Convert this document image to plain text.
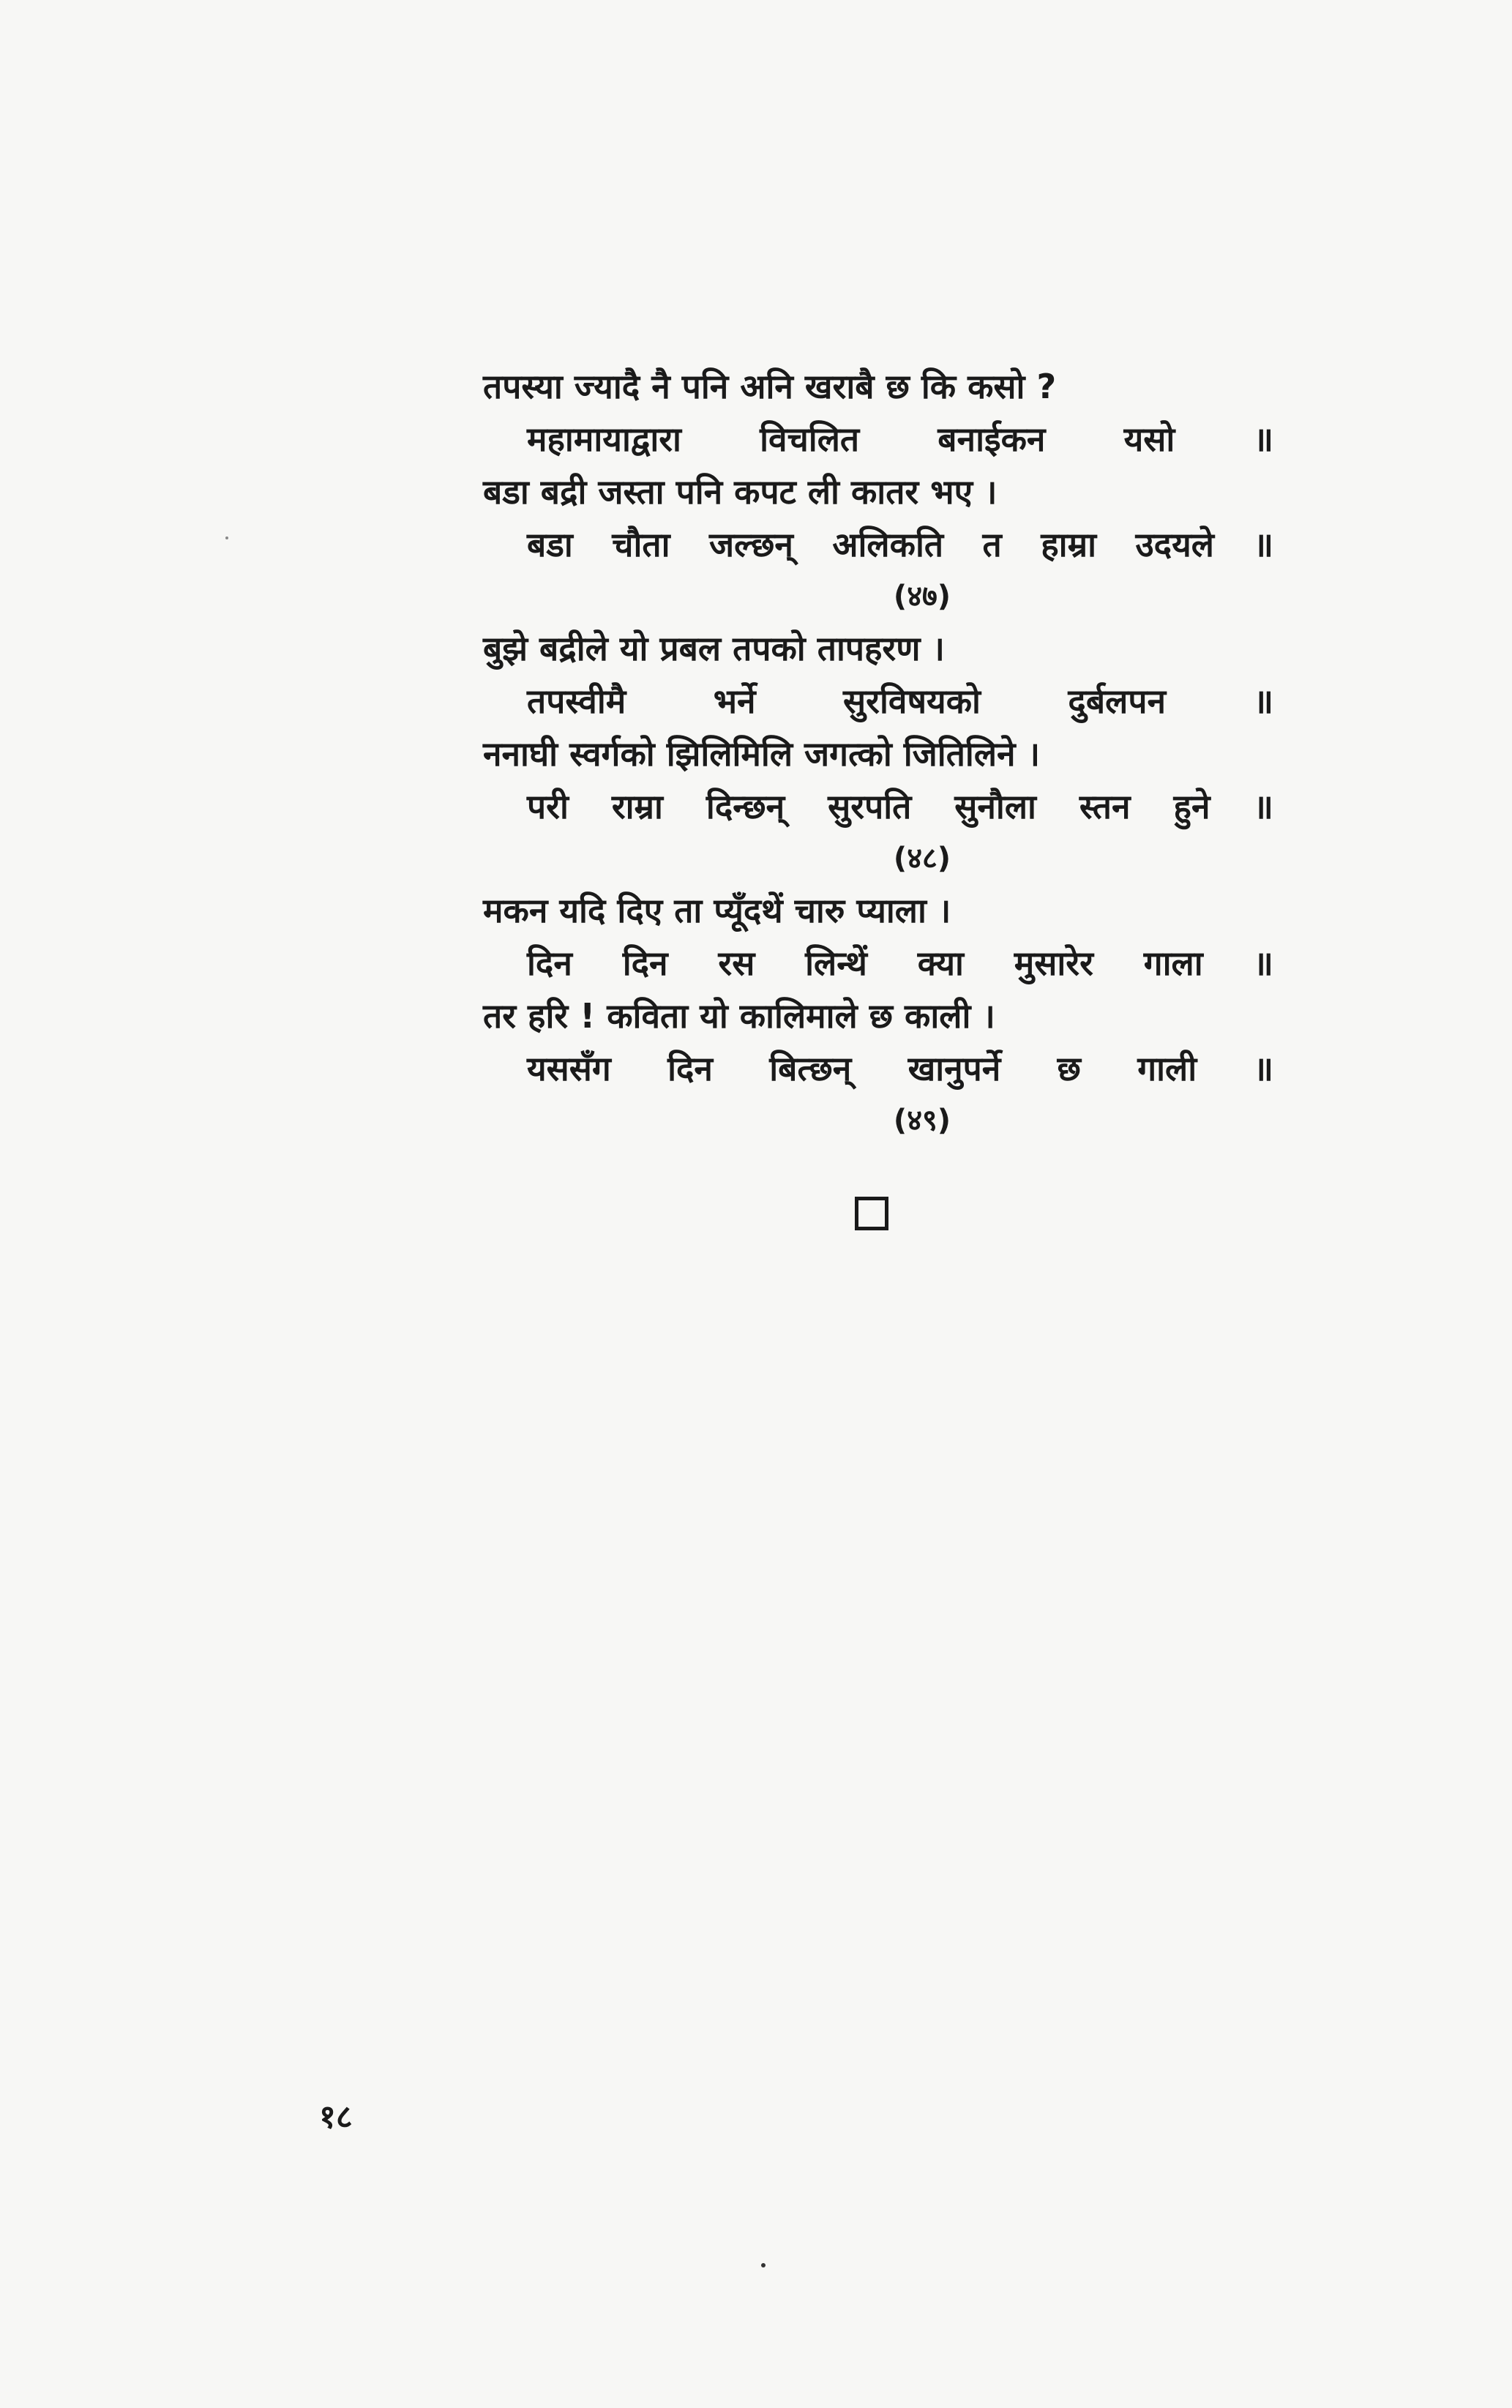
तपस्या ज्यादै नै पनि अनि खराबै छ कि कसो ?
महामायाद्वारा विचलित बनाईकन यसो ॥
बडा बद्री जस्ता पनि कपट ली कातर भए ।
बडा चौता जल्छन् अलिकति त हाम्रा उदयले ॥
(४७)
बुझे बद्रीले यो प्रबल तपको तापहरण ।
तपस्वीमै भर्ने सुरविषयको दुर्बलपन ॥
ननाघी स्वर्गको झिलिमिलि जगत्को जितिलिने ।
परी राम्रा दिन्छन् सुरपति सुनौला स्तन हुने ॥
(४८)
मकन यदि दिए ता प्यूँदथें चारु प्याला ।
दिन दिन रस लिन्थें क्या मुसारेर गाला ॥
तर हरि ! कविता यो कालिमाले छ काली ।
यससँग दिन बित्छन् खानुपर्ने छ गाली ॥
(४९)
१८
